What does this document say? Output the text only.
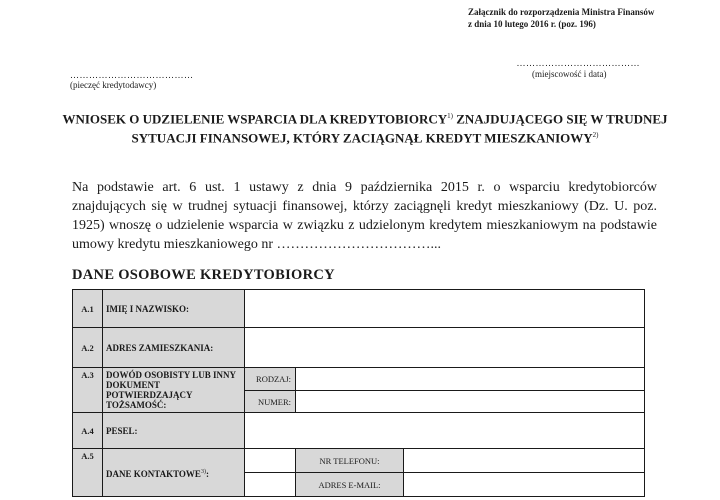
Załącznik do rozporządzenia Ministra Finansów
z dnia 10 lutego 2016 r. (poz. 196)
…………………………………
(pieczęć kredytodawcy)
…………………………………
(miejscowość i data)
WNIOSEK O UDZIELENIE WSPARCIA DLA KREDYTOBIORCY$^{1)}$ ZNAJDUJĄCEGO SIĘ W TRUDNEJ SYTUACJI FINANSOWEJ, KTÓRY ZACIĄGNĄŁ KREDYT MIESZKANIOWY$^{2)}$
Na podstawie art. 6 ust. 1 ustawy z dnia 9 października 2015 r. o wsparciu kredytobiorców znajdujących się w trudnej sytuacji finansowej, którzy zaciągnęli kredyt mieszkaniowy (Dz. U. poz. 1925) wnoszę o udzielenie wsparcia w związku z udzielonym kredytem mieszkaniowym na podstawie umowy kredytu mieszkaniowego nr ……………………………...
DANE OSOBOWE KREDYTOBIORCY
A.1	IMIĘ I NAZWISKO:			
A.2	ADRES ZAMIESZKANIA:			
A.3	DOWÓD OSOBISTY LUB INNY DOKUMENT POTWIERDZAJĄCY TOŻSAMOŚĆ:	RODZAJ:		
		NUMER:		
A.4	PESEL:			
A.5	DANE KONTAKTOWE$^{3)}$:		NR TELEFONU:	
			ADRES E-MAIL:	
